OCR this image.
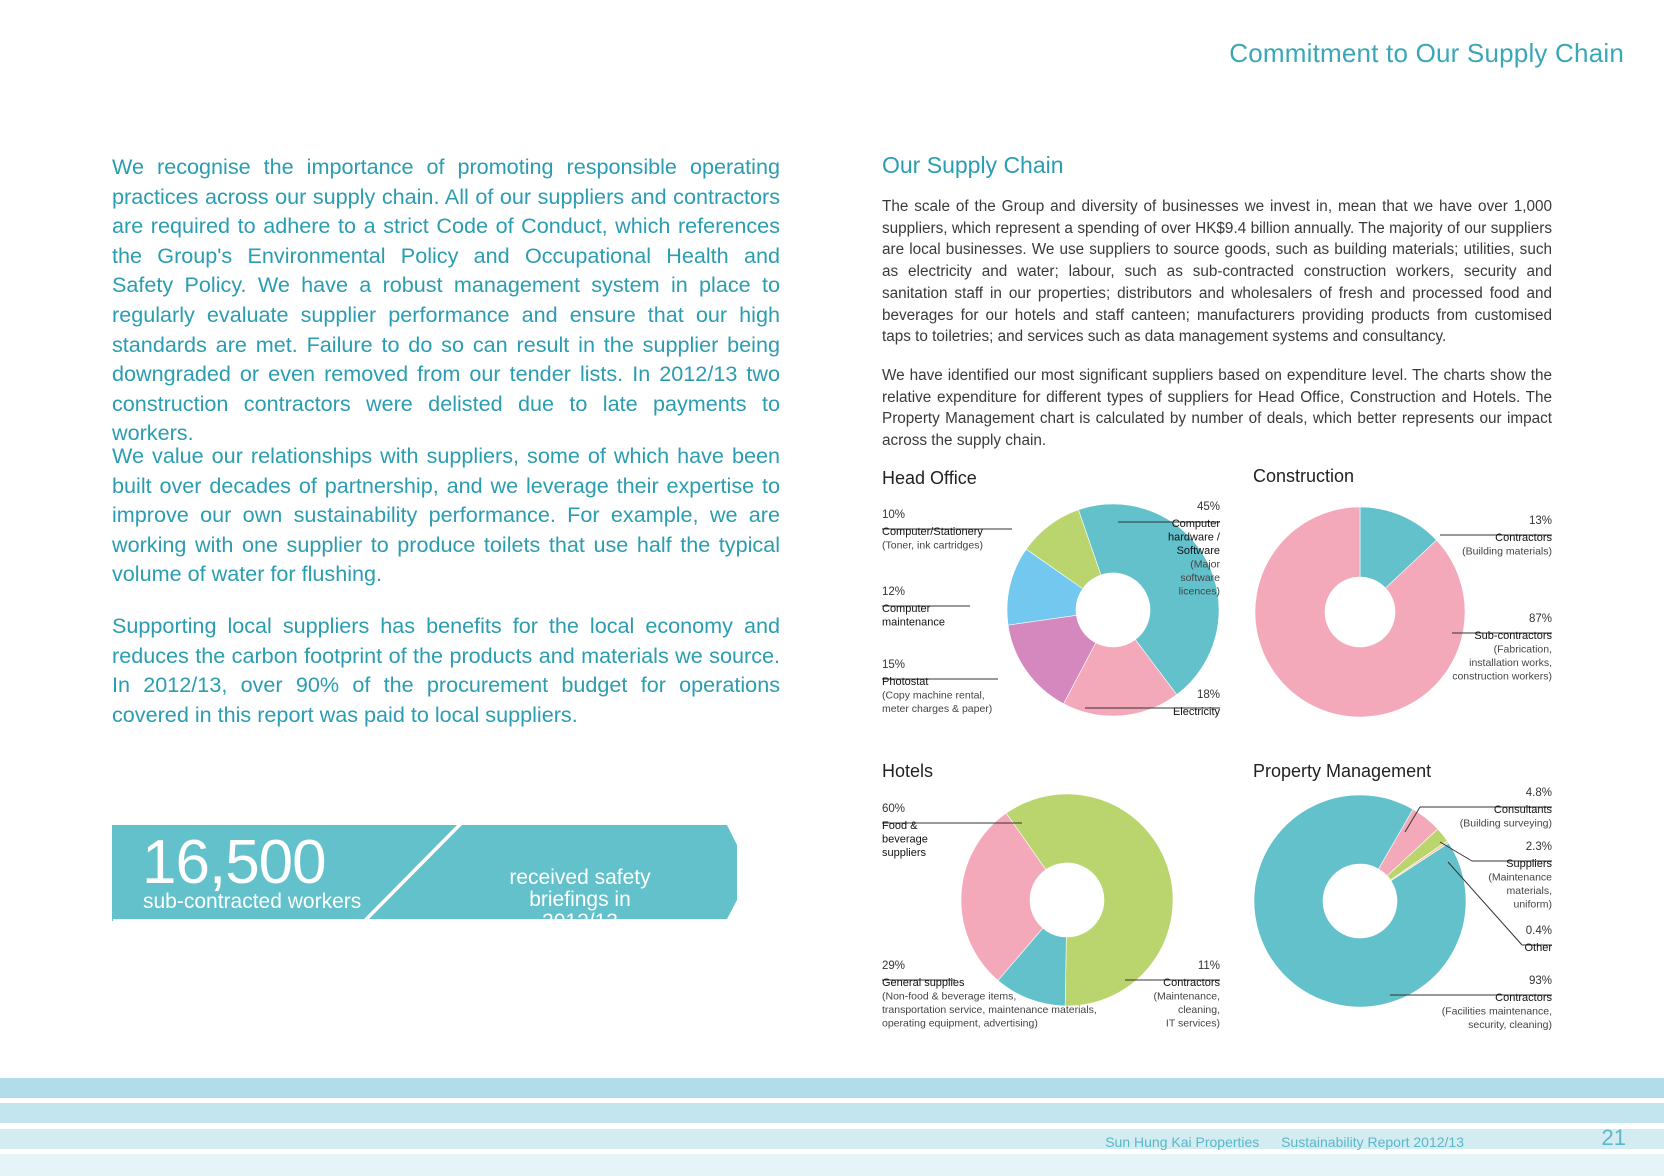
Commitment to Our Supply Chain

We recognise the importance of promoting responsible operating practices across our supply chain. All of our suppliers and contractors are required to adhere to a strict Code of Conduct, which references the Group's Environmental Policy and Occupational Health and Safety Policy. We have a robust management system in place to regularly evaluate supplier performance and ensure that our high standards are met. Failure to do so can result in the supplier being downgraded or even removed from our tender lists. In 2012/13 two construction contractors were delisted due to late payments to workers.

We value our relationships with suppliers, some of which have been built over decades of partnership, and we leverage their expertise to improve our own sustainability performance. For example, we are working with one supplier to produce toilets that use half the typical volume of water for flushing.

Supporting local suppliers has benefits for the local economy and reduces the carbon footprint of the products and materials we source. In 2012/13, over 90% of the procurement budget for operations covered in this report was paid to local suppliers.

16,500
sub-contracted workers
received safety
briefings in 2012/13
Our Supply Chain

The scale of the Group and diversity of businesses we invest in, mean that we have over 1,000 suppliers, which represent a spending of over HK$9.4 billion annually. The majority of our suppliers are local businesses. We use suppliers to source goods, such as building materials; utilities, such as electricity and water; labour, such as sub-contracted construction workers, security and sanitation staff in our properties; distributors and wholesalers of fresh and processed food and beverages for our hotels and staff canteen; manufacturers providing products from customised taps to toiletries; and services such as data management systems and consultancy.

We have identified our most significant suppliers based on expenditure level. The charts show the relative expenditure for different types of suppliers for Head Office, Construction and Hotels. The Property Management chart is calculated by number of deals, which better represents our impact across the supply chain.

Head Office	Construction
Hotels	Property Management
45%
Computer
hardware /
Software
(Major
software
licences)
18%
Electricity
15%
Photostat
(Copy machine rental,
meter charges & paper)
12%
Computer
maintenance
10%
Computer/Stationery
(Toner, ink cartridges)
13%
Contractors
(Building materials)
87%
Sub-contractors
(Fabrication,
installation works,
construction workers)
60%
Food &
beverage
suppliers
11%
Contractors
(Maintenance,
cleaning,
IT services)
29%
General supplies
(Non-food & beverage items,
transportation service, maintenance materials,
operating equipment, advertising)
4.8%
Consultants
(Building surveying)
2.3%
Suppliers
(Maintenance
materials,
uniform)
0.4%
Other
93%
Contractors
(Facilities maintenance,
security, cleaning)
Sun Hung Kai Properties Sustainability Report 2012/13	21
